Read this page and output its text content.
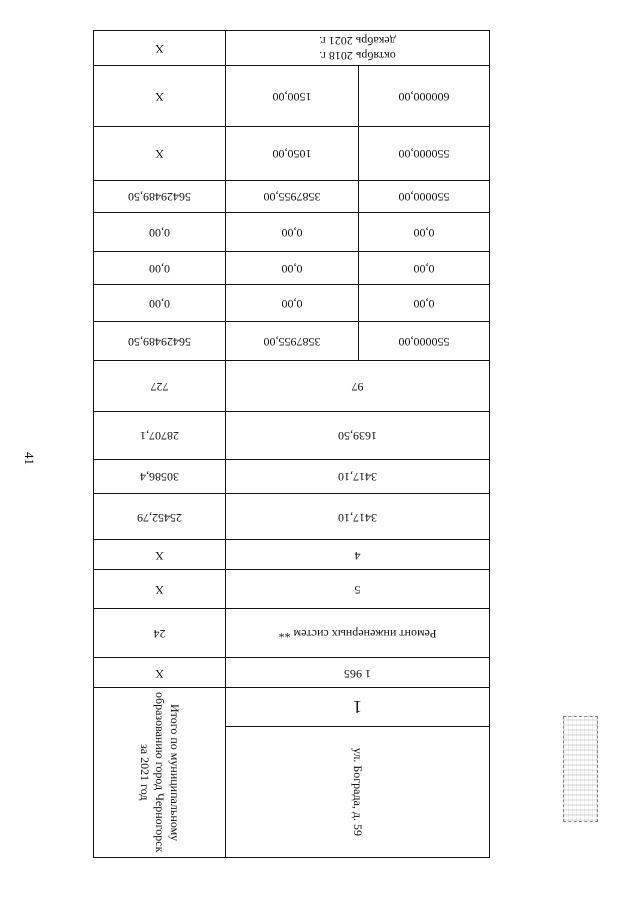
41
ул. Бограда, д. 59
1
Итого по муниципальному образованию город Черногорск за 2021 год
1 965
Х
Ремонт инженерных систем **
24
5
Х
4
Х
3417,10
25452,79
3417,10
30586,4
1639,50
28707,1
97
727
550000,00
3587955,00
56429489,50
0,00
0,00
0,00
0,00
0,00
0,00
0,00
0,00
0,00
550000,00
3587955,00
56429489,50
550000,00
1050,00
Х
600000,00
1500,00
Х
октябрь 2018 г.
декабрь 2021 г.
Х
